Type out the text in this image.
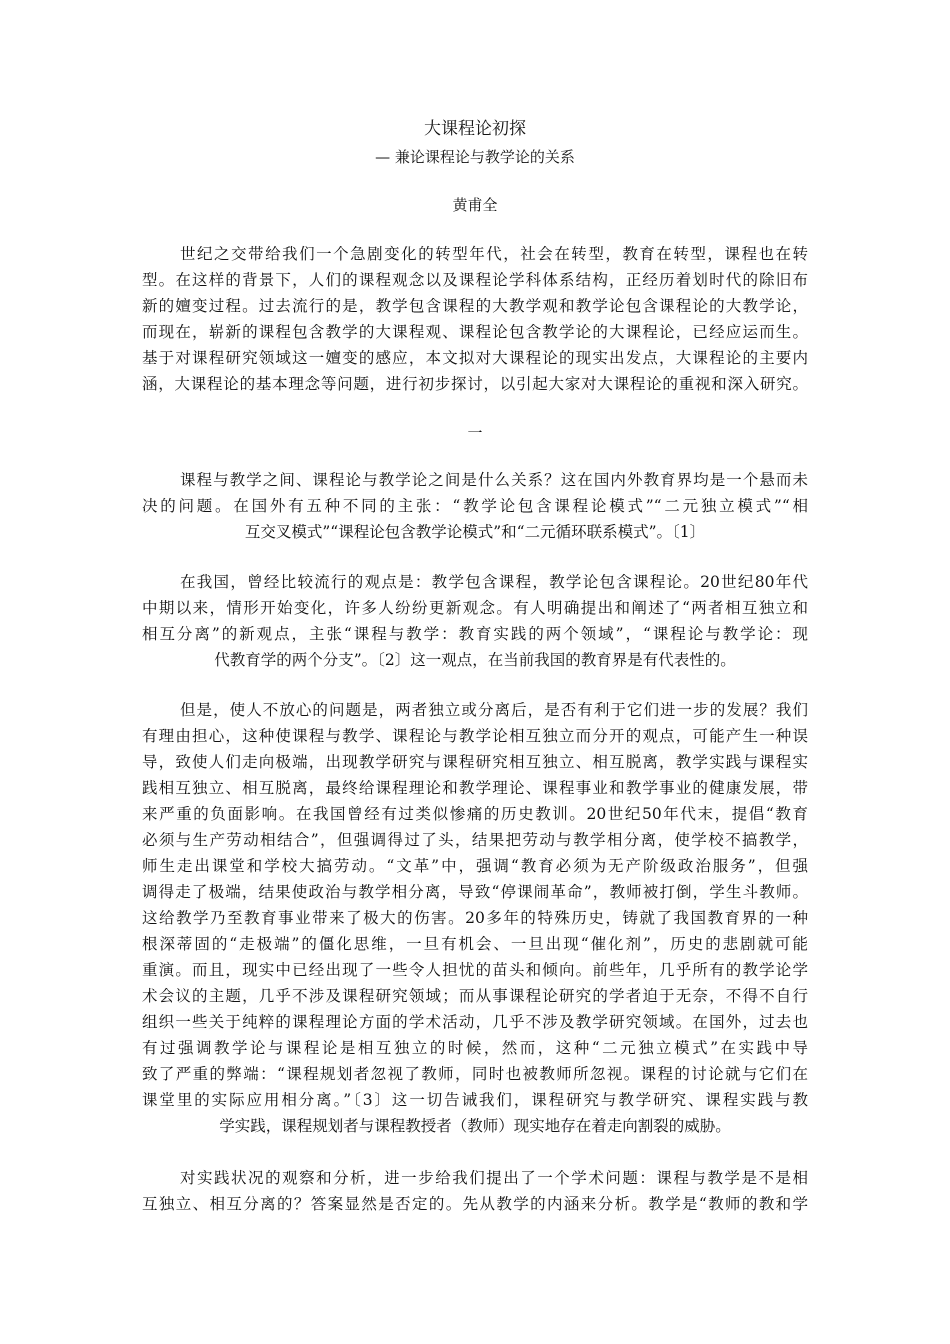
大课程论初探
— 兼论课程论与教学论的关系
黄甫全
世纪之交带给我们一个急剧变化的转型年代，社会在转型，教育在转型，课程也在转
型。在这样的背景下，人们的课程观念以及课程论学科体系结构，正经历着划时代的除旧布
新的嬗变过程。过去流行的是，教学包含课程的大教学观和教学论包含课程论的大教学论，
而现在，崭新的课程包含教学的大课程观、课程论包含教学论的大课程论，已经应运而生。
基于对课程研究领域这一嬗变的感应，本文拟对大课程论的现实出发点，大课程论的主要内
涵，大课程论的基本理念等问题，进行初步探讨，以引起大家对大课程论的重视和深入研究。
一
课程与教学之间、课程论与教学论之间是什么关系？这在国内外教育界均是一个悬而未
决的问题。在国外有五种不同的主张：“教学论包含课程论模式”“二元独立模式”“相
互交叉模式”“课程论包含教学论模式”和“二元循环联系模式”。〔1〕
在我国，曾经比较流行的观点是：教学包含课程，教学论包含课程论。20世纪80年代
中期以来，情形开始变化，许多人纷纷更新观念。有人明确提出和阐述了“两者相互独立和
相互分离”的新观点，主张“课程与教学：教育实践的两个领域”，“课程论与教学论：现
代教育学的两个分支”。〔2〕这一观点，在当前我国的教育界是有代表性的。
但是，使人不放心的问题是，两者独立或分离后，是否有利于它们进一步的发展？我们
有理由担心，这种使课程与教学、课程论与教学论相互独立而分开的观点，可能产生一种误
导，致使人们走向极端，出现教学研究与课程研究相互独立、相互脱离，教学实践与课程实
践相互独立、相互脱离，最终给课程理论和教学理论、课程事业和教学事业的健康发展，带
来严重的负面影响。在我国曾经有过类似惨痛的历史教训。20世纪50年代末，提倡“教育
必须与生产劳动相结合”，但强调得过了头，结果把劳动与教学相分离，使学校不搞教学，
师生走出课堂和学校大搞劳动。“文革”中，强调“教育必须为无产阶级政治服务”，但强
调得走了极端，结果使政治与教学相分离，导致“停课闹革命”，教师被打倒，学生斗教师。
这给教学乃至教育事业带来了极大的伤害。20多年的特殊历史，铸就了我国教育界的一种
根深蒂固的“走极端”的僵化思维，一旦有机会、一旦出现“催化剂”，历史的悲剧就可能
重演。而且，现实中已经出现了一些令人担忧的苗头和倾向。前些年，几乎所有的教学论学
术会议的主题，几乎不涉及课程研究领域；而从事课程论研究的学者迫于无奈，不得不自行
组织一些关于纯粹的课程理论方面的学术活动，几乎不涉及教学研究领域。在国外，过去也
有过强调教学论与课程论是相互独立的时候，然而，这种“二元独立模式”在实践中导
致了严重的弊端：“课程规划者忽视了教师，同时也被教师所忽视。课程的讨论就与它们在
课堂里的实际应用相分离。”〔3〕这一切告诫我们，课程研究与教学研究、课程实践与教
学实践，课程规划者与课程教授者（教师）现实地存在着走向割裂的威胁。
对实践状况的观察和分析，进一步给我们提出了一个学术问题：课程与教学是不是相
互独立、相互分离的？答案显然是否定的。先从教学的内涵来分析。教学是“教师的教和学
